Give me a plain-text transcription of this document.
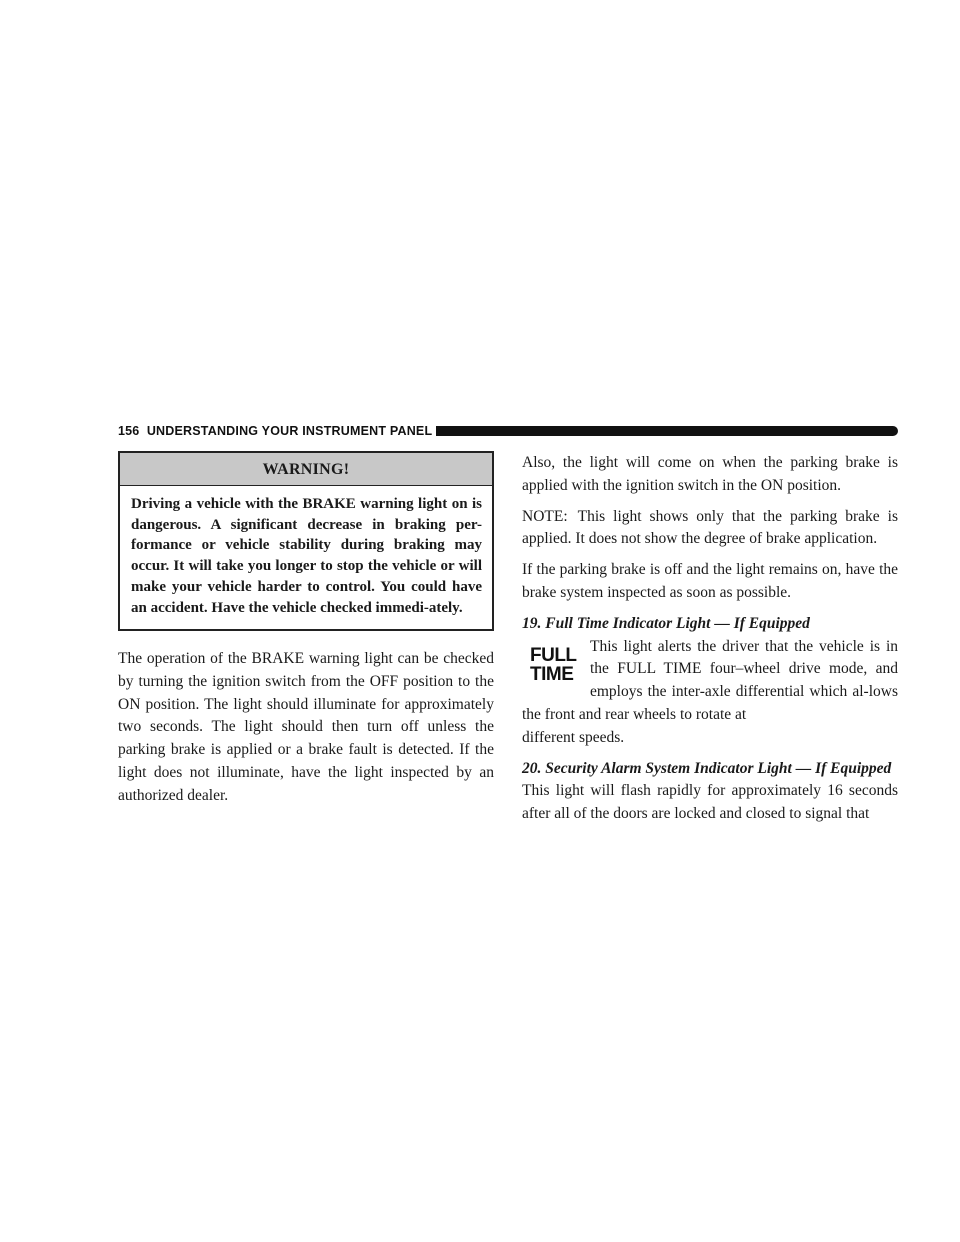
156 UNDERSTANDING YOUR INSTRUMENT PANEL
WARNING!
Driving a vehicle with the BRAKE warning light on is dangerous. A significant decrease in braking per-formance or vehicle stability during braking may occur. It will take you longer to stop the vehicle or will make your vehicle harder to control. You could have an accident. Have the vehicle checked immedi-ately.

The operation of the BRAKE warning light can be checked by turning the ignition switch from the OFF position to the ON position. The light should illuminate for approximately two seconds. The light should then turn off unless the parking brake is applied or a brake fault is detected. If the light does not illuminate, have the light inspected by an authorized dealer.

Also, the light will come on when the parking brake is applied with the ignition switch in the ON position.

NOTE: This light shows only that the parking brake is applied. It does not show the degree of brake application.

If the parking brake is off and the light remains on, have the brake system inspected as soon as possible.

19. Full Time Indicator Light — If Equipped

FULL
TIME

This light alerts the driver that the vehicle is in the FULL TIME four–wheel drive mode, and employs the inter-axle differential which al-lows the front and rear wheels to rotate at

different speeds.

20. Security Alarm System Indicator Light — If Equipped

This light will flash rapidly for approximately 16 seconds after all of the doors are locked and closed to signal that
